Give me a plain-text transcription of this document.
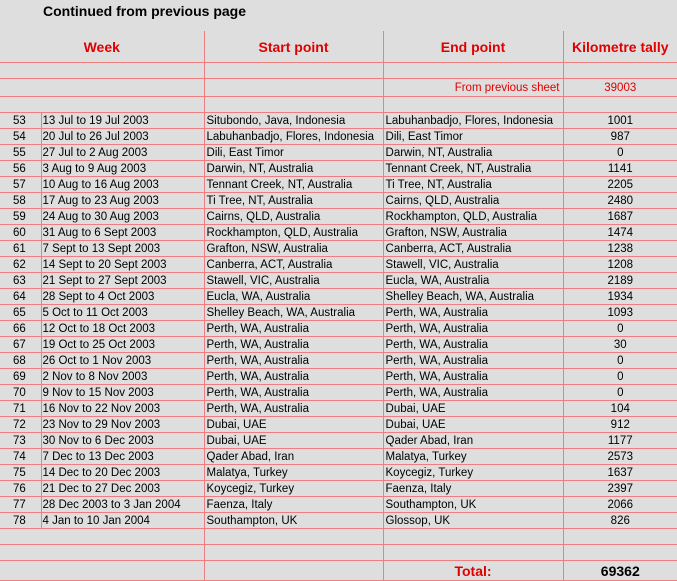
Continued from previous page
Week		Start point	End point	Kilometre tally

			From previous sheet	39003

53	13 Jul to 19 Jul 2003	Situbondo, Java, Indonesia	Labuhanbadjo, Flores, Indonesia	1001
54	20 Jul to 26 Jul 2003	Labuhanbadjo, Flores, Indonesia	Dili, East Timor	987
55	27 Jul to 2 Aug 2003	Dili, East Timor	Darwin, NT, Australia	0
56	3 Aug to 9 Aug 2003	Darwin, NT, Australia	Tennant Creek, NT, Australia	1141
57	10 Aug to 16 Aug 2003	Tennant Creek, NT, Australia	Ti Tree, NT, Australia	2205
58	17 Aug to 23 Aug 2003	Ti Tree, NT, Australia	Cairns, QLD, Australia	2480
59	24 Aug to 30 Aug 2003	Cairns, QLD, Australia	Rockhampton, QLD, Australia	1687
60	31 Aug to 6 Sept 2003	Rockhampton, QLD, Australia	Grafton, NSW, Australia	1474
61	7 Sept to 13 Sept 2003	Grafton, NSW, Australia	Canberra, ACT, Australia	1238
62	14 Sept to 20 Sept 2003	Canberra, ACT, Australia	Stawell, VIC, Australia	1208
63	21 Sept to 27 Sept 2003	Stawell, VIC, Australia	Eucla, WA, Australia	2189
64	28 Sept to 4 Oct 2003	Eucla, WA, Australia	Shelley Beach, WA, Australia	1934
65	5 Oct to 11 Oct 2003	Shelley Beach, WA, Australia	Perth, WA, Australia	1093
66	12 Oct to 18 Oct 2003	Perth, WA, Australia	Perth, WA, Australia	0
67	19 Oct to 25 Oct 2003	Perth, WA, Australia	Perth, WA, Australia	30
68	26 Oct to 1 Nov 2003	Perth, WA, Australia	Perth, WA, Australia	0
69	2 Nov to 8 Nov 2003	Perth, WA, Australia	Perth, WA, Australia	0
70	9 Nov to 15 Nov 2003	Perth, WA, Australia	Perth, WA, Australia	0
71	16 Nov to 22 Nov 2003	Perth, WA, Australia	Dubai, UAE	104
72	23 Nov to 29 Nov 2003	Dubai, UAE	Dubai, UAE	912
73	30 Nov to 6 Dec 2003	Dubai, UAE	Qader Abad, Iran	1177
74	7 Dec to 13 Dec 2003	Qader Abad, Iran	Malatya, Turkey	2573
75	14 Dec to 20 Dec 2003	Malatya, Turkey	Koycegiz, Turkey	1637
76	21 Dec to 27 Dec 2003	Koycegiz, Turkey	Faenza, Italy	2397
77	28 Dec 2003 to 3 Jan 2004	Faenza, Italy	Southampton, UK	2066
78	4 Jan to 10 Jan 2004	Southampton, UK	Glossop, UK	826

			Total:	69362
